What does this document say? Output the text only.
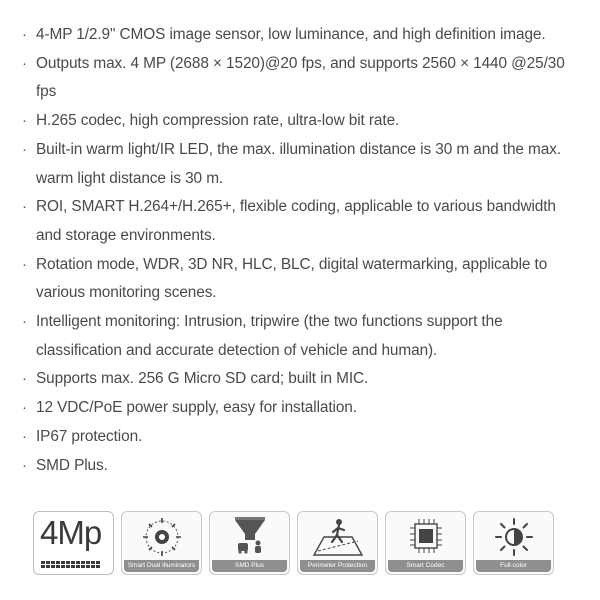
· 4-MP 1/2.9" CMOS image sensor, low luminance, and high definition image.
· Outputs max. 4 MP (2688 × 1520)@20 fps, and supports 2560 × 1440 @25/30 fps
· H.265 codec, high compression rate, ultra-low bit rate.
· Built-in warm light/IR LED, the max. illumination distance is 30 m and the max. warm light distance is 30 m.
· ROI, SMART H.264+/H.265+, flexible coding, applicable to various bandwidth and storage environments.
· Rotation mode, WDR, 3D NR, HLC, BLC, digital watermarking, applicable to various monitoring scenes.
· Intelligent monitoring: Intrusion, tripwire (the two functions support the classification and accurate detection of vehicle and human).
· Supports max. 256 G Micro SD card; built in MIC.
· 12 VDC/PoE power supply, easy for installation.
· IP67 protection.
· SMD Plus.
4Mp
Smart Dual Illuminators	SMD Plus	Perimeter Protection	Smart Codec	Full-color
